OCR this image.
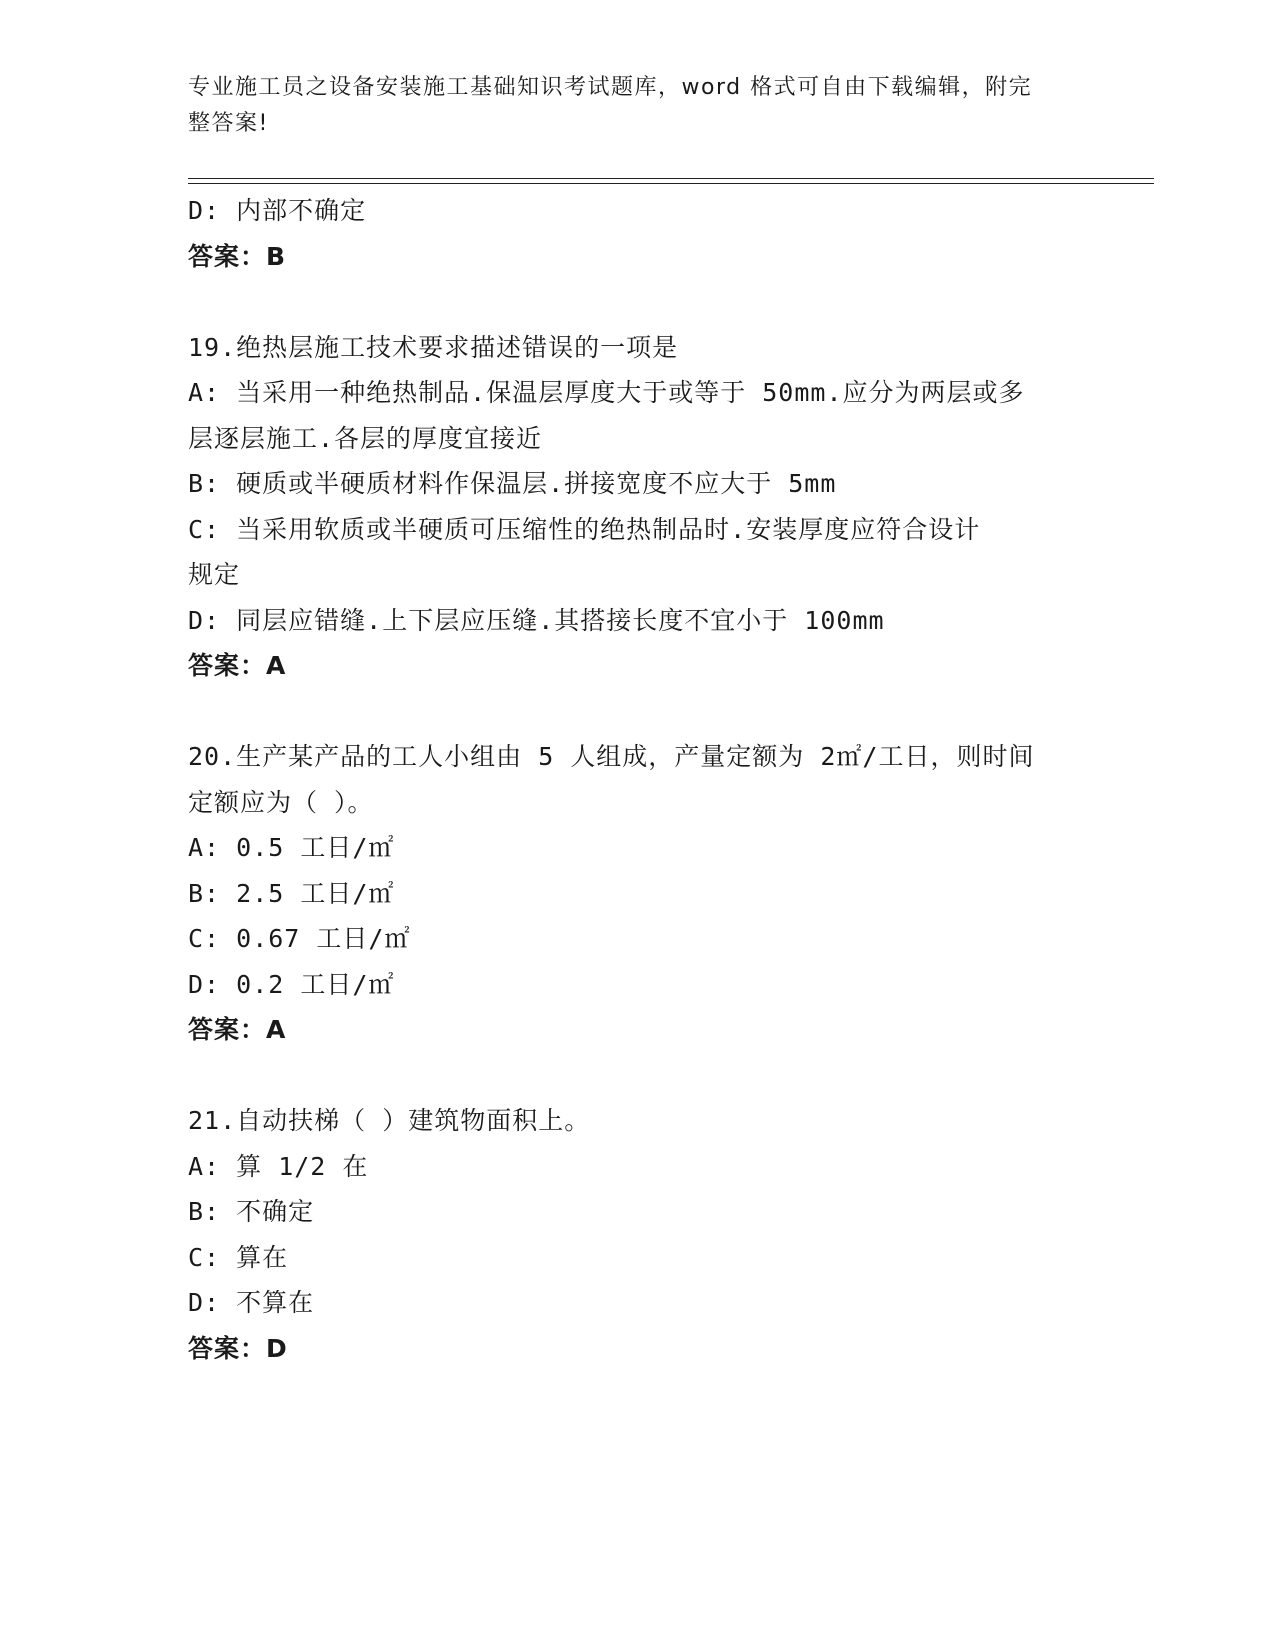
专业施工员之设备安装施工基础知识考试题库，word 格式可自由下载编辑，附完
整答案!
D: 内部不确定
答案：B
19.绝热层施工技术要求描述错误的一项是
A: 当采用一种绝热制品.保温层厚度大于或等于 50mm.应分为两层或多
层逐层施工.各层的厚度宜接近
B: 硬质或半硬质材料作保温层.拼接宽度不应大于 5mm
C: 当采用软质或半硬质可压缩性的绝热制品时.安装厚度应符合设计
规定
D: 同层应错缝.上下层应压缝.其搭接长度不宜小于 100mm
答案：A
20.生产某产品的工人小组由 5 人组成，产量定额为 2㎡/工日，则时间
定额应为（ ）。
A: 0.5 工日/㎡
B: 2.5 工日/㎡
C: 0.67 工日/㎡
D: 0.2 工日/㎡
答案：A
21.自动扶梯（ ）建筑物面积上。
A: 算 1/2 在
B: 不确定
C: 算在
D: 不算在
答案：D
